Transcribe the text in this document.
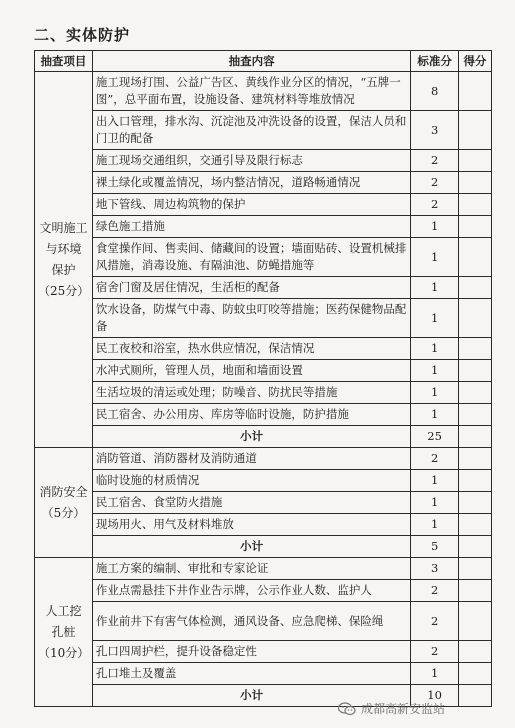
二、实体防护
抽查项目	抽查内容	标准分	得分

文明施工
与环境
保护
（25分）	施工现场打围、公益广告区、黄线作业分区的情况，“五牌一图”，总平面布置，设施设备、建筑材料等堆放情况	8	
	出入口管理，排水沟、沉淀池及冲洗设备的设置，保洁人员和门卫的配备	3	
	施工现场交通组织，交通引导及限行标志	2	
	裸土绿化或覆盖情况，场内整洁情况，道路畅通情况	2	
	地下管线、周边构筑物的保护	2	
	绿色施工措施	1	
	食堂操作间、售卖间、储藏间的设置；墙面贴砖、设置机械排风措施，消毒设施、有隔油池、防蝇措施等	1	
	宿舍门窗及居住情况，生活柜的配备	1	
	饮水设备，防煤气中毒、防蚊虫叮咬等措施；医药保健物品配备	1	
	民工夜校和浴室，热水供应情况，保洁情况	1	
	水冲式厕所，管理人员，地面和墙面设置	1	
	生活垃圾的清运或处理；防噪音、防扰民等措施	1	
	民工宿舍、办公用房、库房等临时设施，防护措施	1	
	小计	25	

消防安全
（5分）	消防管道、消防器材及消防通道	2	
	临时设施的材质情况	1	
	民工宿舍、食堂防火措施	1	
	现场用火、用气及材料堆放	1	
	小计	5	

人工挖
孔桩
（10分）	施工方案的编制、审批和专家论证	3	
	作业点需悬挂下井作业告示牌，公示作业人数、监护人	2	
	作业前井下有害气体检测，通风设备、应急爬梯、保险绳	2	
	孔口四周护栏，提升设备稳定性	2	
	孔口堆土及覆盖	1	
	小计	10	
成都高新安监站
